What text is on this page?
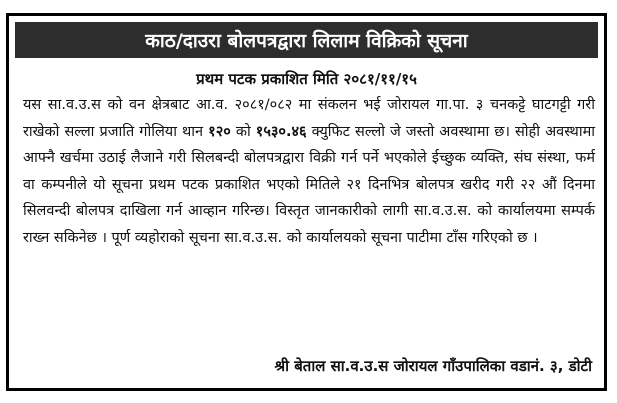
काठ/दाउरा बोलपत्रद्वारा लिलाम विक्रिको सूचना
प्रथम पटक प्रकाशित मिति २०८१/११/१५

यस सा.व.उ.स को वन क्षेत्रबाट आ.व. २०८१/०८२ मा संकलन भई जोरायल गा.पा. ३ चनकट्टे घाटगट्टी गरी राखेको सल्ला प्रजाति गोलिया थान १२० को १५३०.४६ क्युफिट सल्लो जे जस्तो अवस्थामा छ। सोही अवस्थामा आफ्नै खर्चमा उठाई लैजाने गरी सिलबन्दी बोलपत्रद्वारा विक्री गर्न पर्ने भएकोले ईच्छुक व्यक्ति, संघ संस्था, फर्म वा कम्पनीले यो सूचना प्रथम पटक प्रकाशित भएको मितिले २१ दिनभित्र बोलपत्र खरीद गरी २२ औं दिनमा सिलवन्दी बोलपत्र दाखिला गर्न आव्हान गरिन्छ। विस्तृत जानकारीको लागी सा.व.उ.स. को कार्यालयमा सम्पर्क राख्न सकिनेछ । पूर्ण व्यहोराको सूचना सा.व.उ.स. को कार्यालयको सूचना पाटीमा टाँस गरिएको छ ।

श्री बेताल सा.व.उ.स जोरायल गाँउपालिका वडानं. ३, डोटी
